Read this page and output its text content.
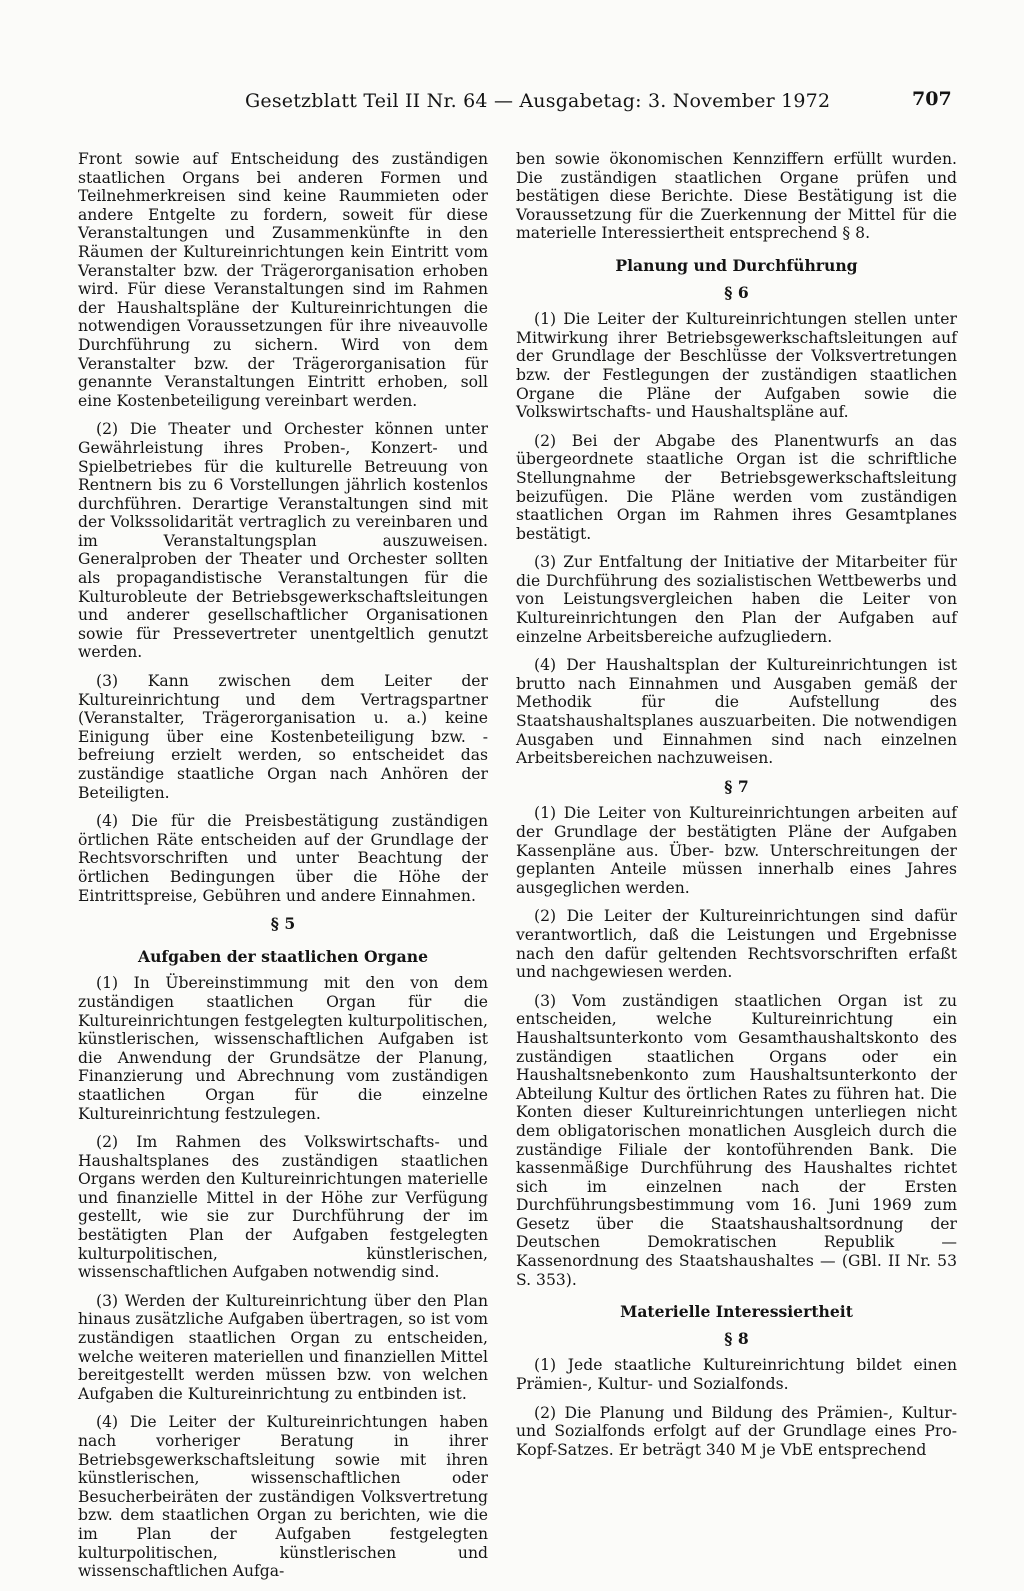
Gesetzblatt Teil II Nr. 64 — Ausgabetag: 3. November 1972	707

Front sowie auf Entscheidung des zuständigen staatlichen Organs bei anderen Formen und Teilnehmerkreisen sind keine Raummieten oder andere Entgelte zu fordern, soweit für diese Veranstaltungen und Zusammenkünfte in den Räumen der Kultureinrichtungen kein Eintritt vom Veranstalter bzw. der Trägerorganisation erhoben wird. Für diese Veranstaltungen sind im Rahmen der Haushaltspläne der Kultureinrichtungen die notwendigen Voraussetzungen für ihre niveauvolle Durchführung zu sichern. Wird von dem Veranstalter bzw. der Trägerorganisation für genannte Veranstaltungen Eintritt erhoben, soll eine Kostenbeteiligung vereinbart werden.

(2) Die Theater und Orchester können unter Gewährleistung ihres Proben-, Konzert- und Spielbetriebes für die kulturelle Betreuung von Rentnern bis zu 6 Vorstellungen jährlich kostenlos durchführen. Derartige Veranstaltungen sind mit der Volkssolidarität vertraglich zu vereinbaren und im Veranstaltungsplan auszuweisen. Generalproben der Theater und Orchester sollten als propagandistische Veranstaltungen für die Kulturobleute der Betriebsgewerkschaftsleitungen und anderer gesellschaftlicher Organisationen sowie für Pressevertreter unentgeltlich genutzt werden.

(3) Kann zwischen dem Leiter der Kultureinrichtung und dem Vertragspartner (Veranstalter, Trägerorganisation u. a.) keine Einigung über eine Kostenbeteiligung bzw. -befreiung erzielt werden, so entscheidet das zuständige staatliche Organ nach Anhören der Beteiligten.

(4) Die für die Preisbestätigung zuständigen örtlichen Räte entscheiden auf der Grundlage der Rechtsvorschriften und unter Beachtung der örtlichen Bedingungen über die Höhe der Eintrittspreise, Gebühren und andere Einnahmen.

§ 5
Aufgaben der staatlichen Organe

(1) In Übereinstimmung mit den von dem zuständigen staatlichen Organ für die Kultureinrichtungen festgelegten kulturpolitischen, künstlerischen, wissenschaftlichen Aufgaben ist die Anwendung der Grundsätze der Planung, Finanzierung und Abrechnung vom zuständigen staatlichen Organ für die einzelne Kultureinrichtung festzulegen.

(2) Im Rahmen des Volkswirtschafts- und Haushaltsplanes des zuständigen staatlichen Organs werden den Kultureinrichtungen materielle und finanzielle Mittel in der Höhe zur Verfügung gestellt, wie sie zur Durchführung der im bestätigten Plan der Aufgaben festgelegten kulturpolitischen, künstlerischen, wissenschaftlichen Aufgaben notwendig sind.

(3) Werden der Kultureinrichtung über den Plan hinaus zusätzliche Aufgaben übertragen, so ist vom zuständigen staatlichen Organ zu entscheiden, welche weiteren materiellen und finanziellen Mittel bereitgestellt werden müssen bzw. von welchen Aufgaben die Kultureinrichtung zu entbinden ist.

(4) Die Leiter der Kultureinrichtungen haben nach vorheriger Beratung in ihrer Betriebsgewerkschaftsleitung sowie mit ihren künstlerischen, wissenschaftlichen oder Besucherbeiräten der zuständigen Volksvertretung bzw. dem staatlichen Organ zu berichten, wie die im Plan der Aufgaben festgelegten kulturpolitischen, künstlerischen und wissenschaftlichen Aufga-

ben sowie ökonomischen Kennziffern erfüllt wurden. Die zuständigen staatlichen Organe prüfen und bestätigen diese Berichte. Diese Bestätigung ist die Voraussetzung für die Zuerkennung der Mittel für die materielle Interessiertheit entsprechend § 8.

Planung und Durchführung
§ 6

(1) Die Leiter der Kultureinrichtungen stellen unter Mitwirkung ihrer Betriebsgewerkschaftsleitungen auf der Grundlage der Beschlüsse der Volksvertretungen bzw. der Festlegungen der zuständigen staatlichen Organe die Pläne der Aufgaben sowie die Volkswirtschafts- und Haushaltspläne auf.

(2) Bei der Abgabe des Planentwurfs an das übergeordnete staatliche Organ ist die schriftliche Stellungnahme der Betriebsgewerkschaftsleitung beizufügen. Die Pläne werden vom zuständigen staatlichen Organ im Rahmen ihres Gesamtplanes bestätigt.

(3) Zur Entfaltung der Initiative der Mitarbeiter für die Durchführung des sozialistischen Wettbewerbs und von Leistungsvergleichen haben die Leiter von Kultureinrichtungen den Plan der Aufgaben auf einzelne Arbeitsbereiche aufzugliedern.

(4) Der Haushaltsplan der Kultureinrichtungen ist brutto nach Einnahmen und Ausgaben gemäß der Methodik für die Aufstellung des Staatshaushaltsplanes auszuarbeiten. Die notwendigen Ausgaben und Einnahmen sind nach einzelnen Arbeitsbereichen nachzuweisen.

§ 7

(1) Die Leiter von Kultureinrichtungen arbeiten auf der Grundlage der bestätigten Pläne der Aufgaben Kassenpläne aus. Über- bzw. Unterschreitungen der geplanten Anteile müssen innerhalb eines Jahres ausgeglichen werden.

(2) Die Leiter der Kultureinrichtungen sind dafür verantwortlich, daß die Leistungen und Ergebnisse nach den dafür geltenden Rechtsvorschriften erfaßt und nachgewiesen werden.

(3) Vom zuständigen staatlichen Organ ist zu entscheiden, welche Kultureinrichtung ein Haushaltsunterkonto vom Gesamthaushaltskonto des zuständigen staatlichen Organs oder ein Haushaltsnebenkonto zum Haushaltsunterkonto der Abteilung Kultur des örtlichen Rates zu führen hat. Die Konten dieser Kultureinrichtungen unterliegen nicht dem obligatorischen monatlichen Ausgleich durch die zuständige Filiale der kontoführenden Bank. Die kassenmäßige Durchführung des Haushaltes richtet sich im einzelnen nach der Ersten Durchführungsbestimmung vom 16. Juni 1969 zum Gesetz über die Staatshaushaltsordnung der Deutschen Demokratischen Republik — Kassenordnung des Staatshaushaltes — (GBl. II Nr. 53 S. 353).

Materielle Interessiertheit
§ 8

(1) Jede staatliche Kultureinrichtung bildet einen Prämien-, Kultur- und Sozialfonds.

(2) Die Planung und Bildung des Prämien-, Kultur- und Sozialfonds erfolgt auf der Grundlage eines Pro-Kopf-Satzes. Er beträgt 340 M je VbE entsprechend
